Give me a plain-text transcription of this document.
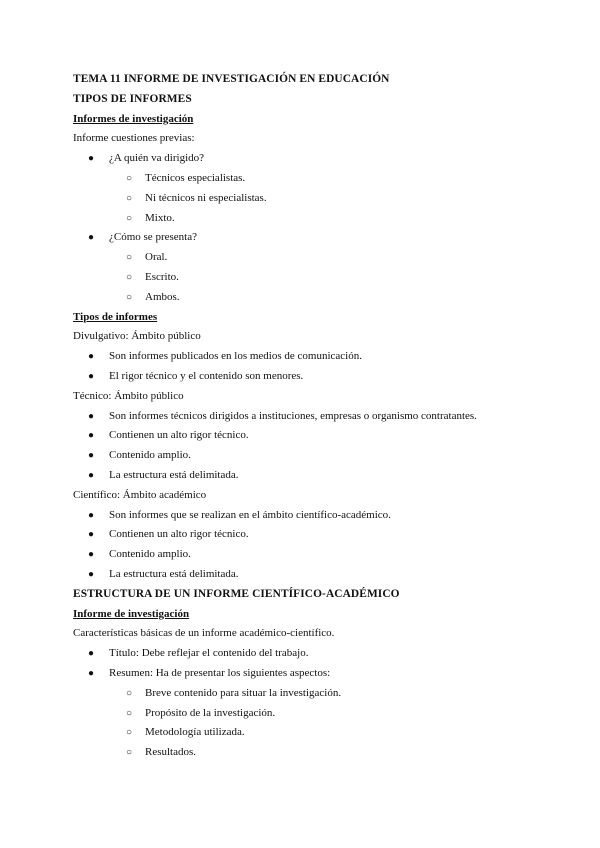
TEMA 11 INFORME DE INVESTIGACIÓN EN EDUCACIÓN
TIPOS DE INFORMES
Informes de investigación
Informe cuestiones previas:
● ¿A quién va dirigido?
○ Técnicos especialistas.
○ Ni técnicos ni especialistas.
○ Mixto.
● ¿Cómo se presenta?
○ Oral.
○ Escrito.
○ Ambos.
Tipos de informes
Divulgativo: Ámbito público
● Son informes publicados en los medios de comunicación.
● El rigor técnico y el contenido son menores.
Técnico: Ámbito público
● Son informes técnicos dirigidos a instituciones, empresas o organismo contratantes.
● Contienen un alto rigor técnico.
● Contenido amplio.
● La estructura está delimitada.
Científico: Ámbito académico
● Son informes que se realizan en el ámbito científico-académico.
● Contienen un alto rigor técnico.
● Contenido amplio.
● La estructura está delimitada.
ESTRUCTURA DE UN INFORME CIENTÍFICO-ACADÉMICO
Informe de investigación
Características básicas de un informe académico-científico.
● Título: Debe reflejar el contenido del trabajo.
● Resumen: Ha de presentar los siguientes aspectos:
○ Breve contenido para situar la investigación.
○ Propósito de la investigación.
○ Metodología utilizada.
○ Resultados.
